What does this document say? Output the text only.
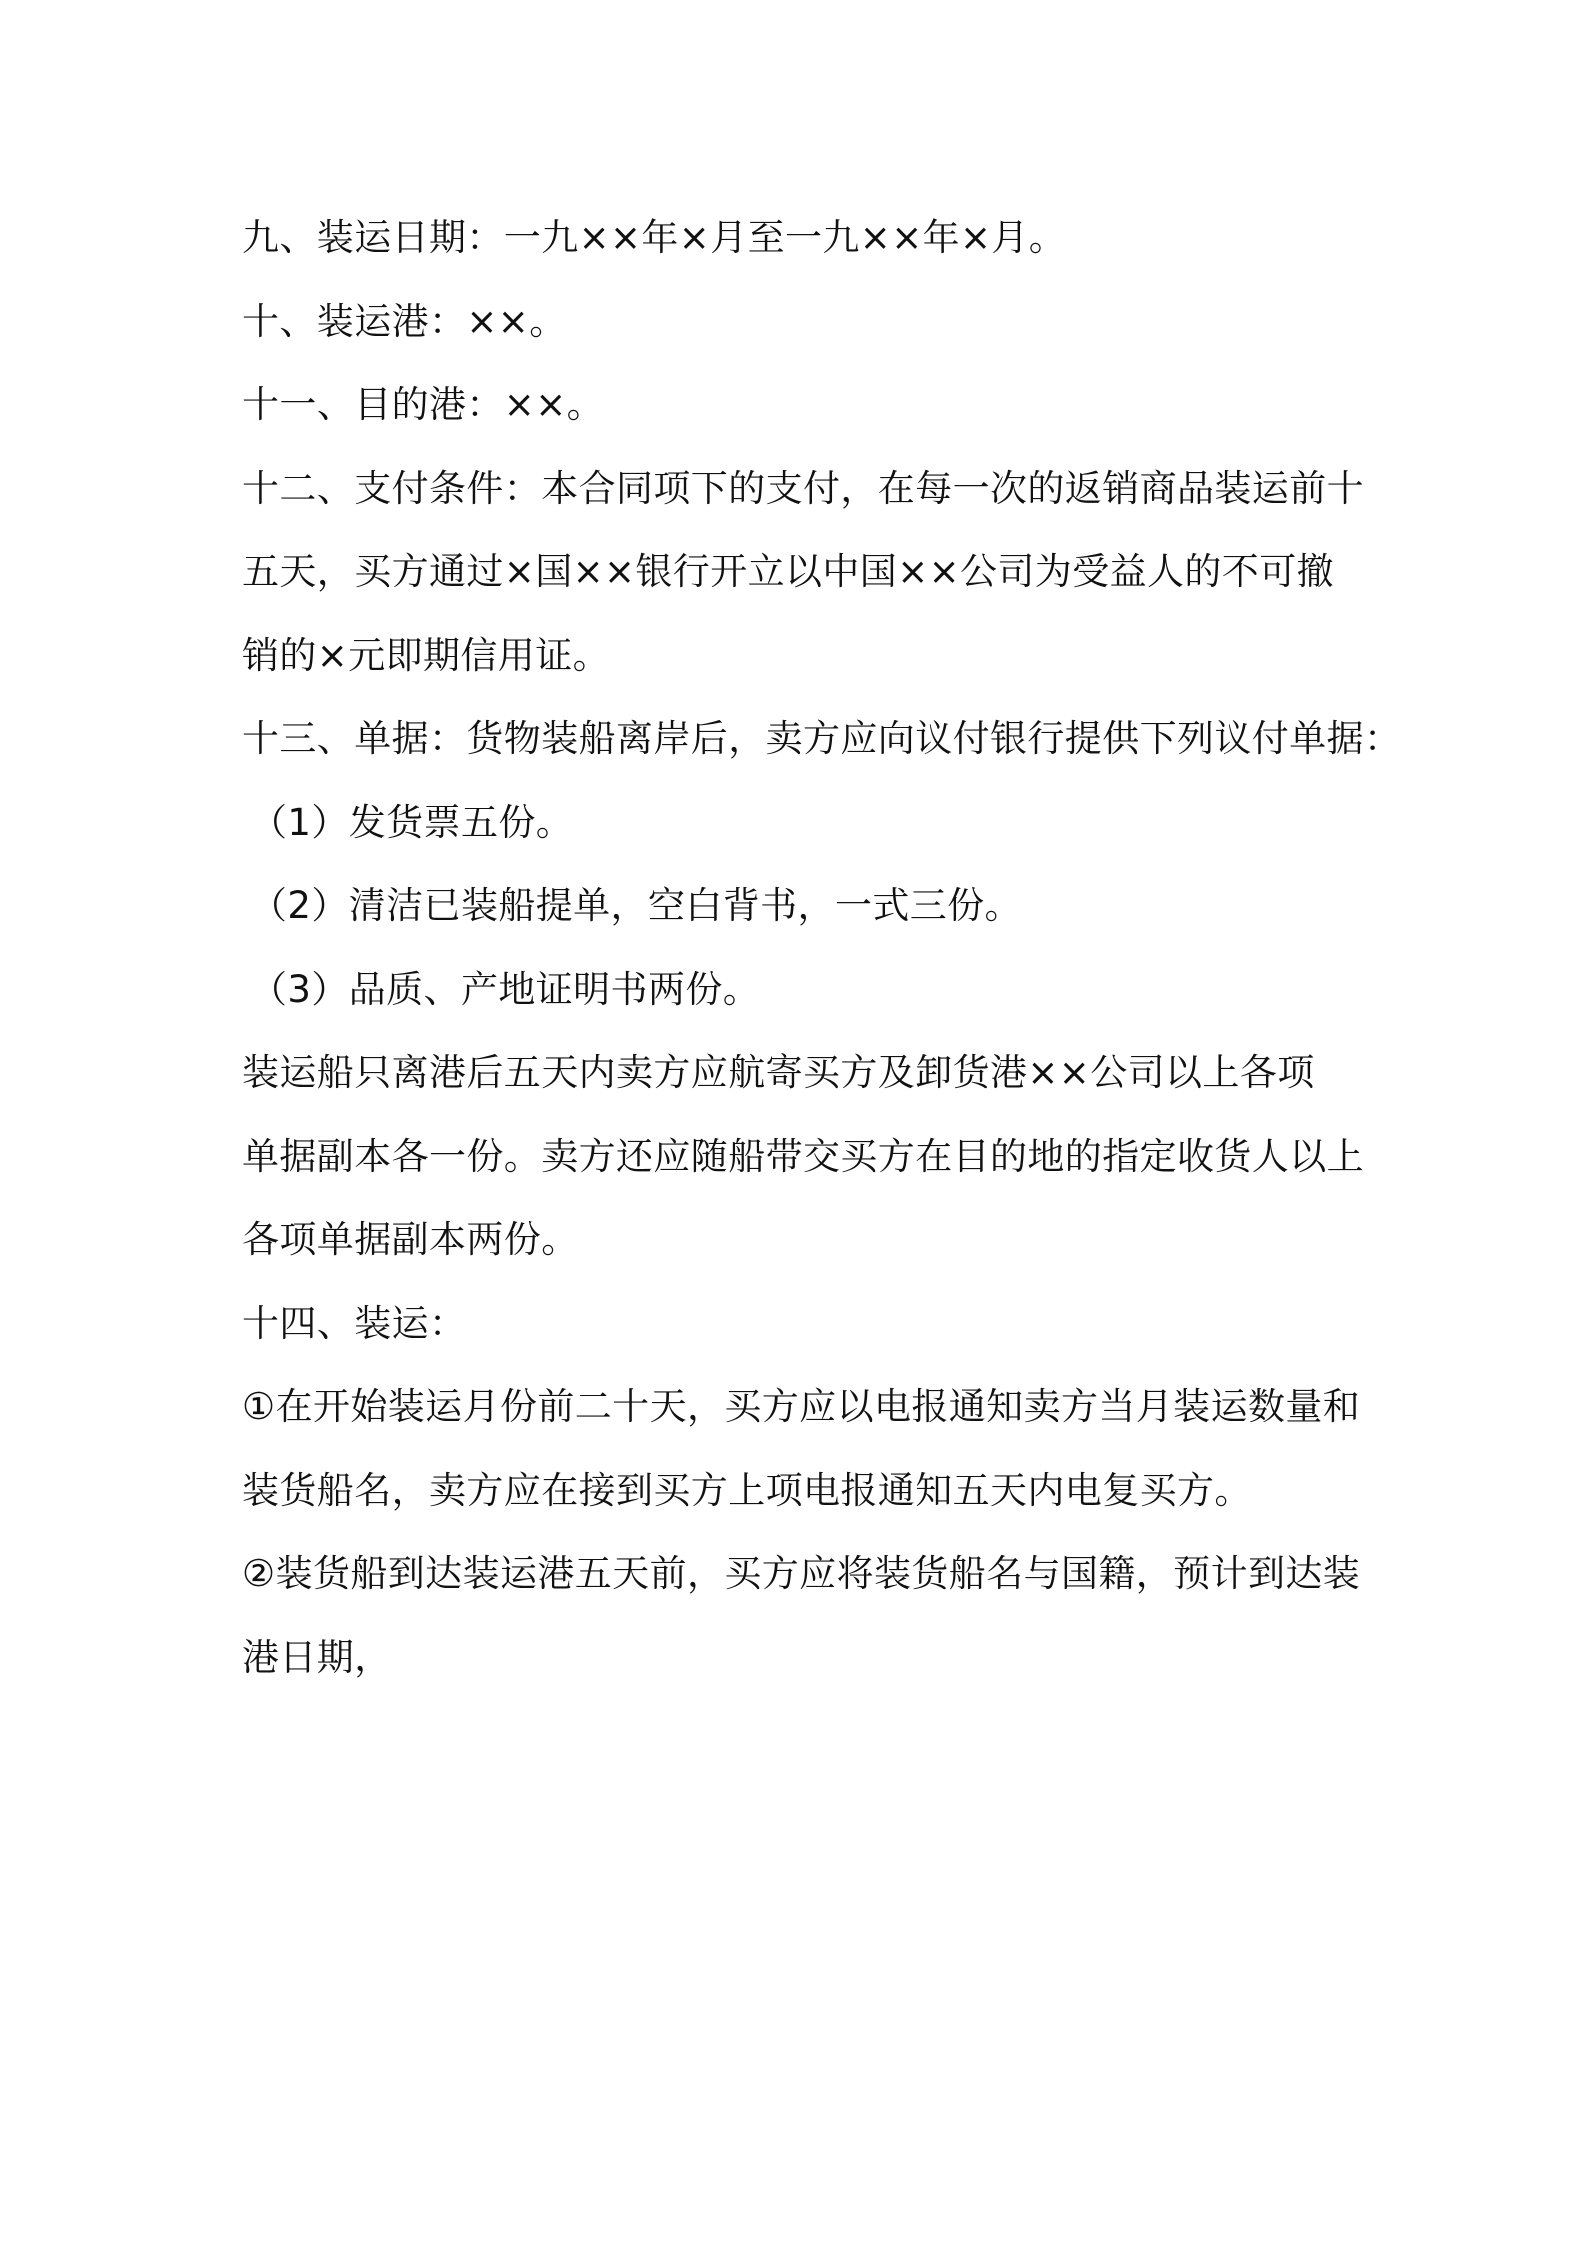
九、装运日期：一九××年×月至一九××年×月。
十、装运港：××。
十一、目的港：××。
十二、支付条件：本合同项下的支付，在每一次的返销商品装运前十
五天，买方通过×国××银行开立以中国××公司为受益人的不可撤
销的×元即期信用证。
十三、单据：货物装船离岸后，卖方应向议付银行提供下列议付单据：
（1）发货票五份。
（2）清洁已装船提单，空白背书，一式三份。
（3）品质、产地证明书两份。
装运船只离港后五天内卖方应航寄买方及卸货港××公司以上各项
单据副本各一份。卖方还应随船带交买方在目的地的指定收货人以上
各项单据副本两份。
十四、装运：
①在开始装运月份前二十天，买方应以电报通知卖方当月装运数量和
装货船名，卖方应在接到买方上项电报通知五天内电复买方。
②装货船到达装运港五天前，买方应将装货船名与国籍，预计到达装
港日期，
